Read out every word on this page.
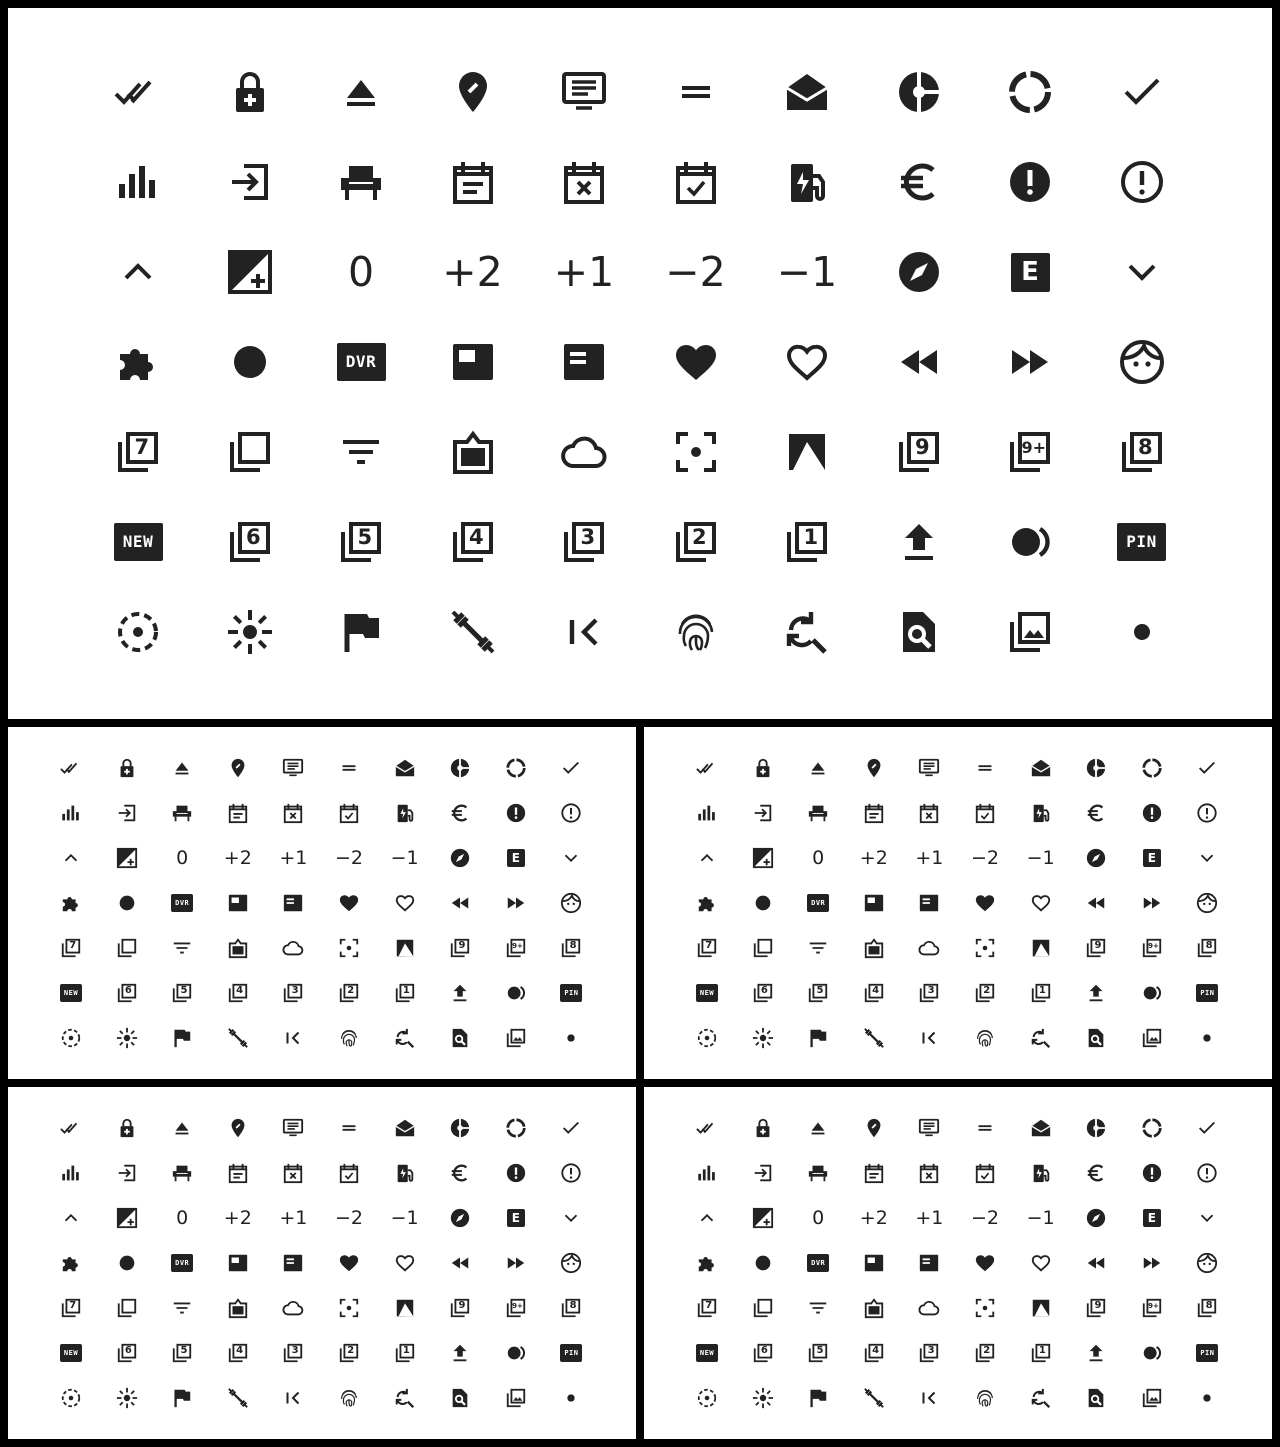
0 +2 +1 −2 −1	E
DVR
7	9	9+	8
NEW	6	5	4	3	2	1	PIN
0 +2 +1 −2 −1	E
DVR
7	9	9+	8
NEW	6	5	4	3	2	1	PIN
0 +2 +1 −2 −1	E
DVR
7	9	9+	8
NEW	6	5	4	3	2	1	PIN
0 +2 +1 −2 −1	E
DVR
7	9	9+	8
NEW	6	5	4	3	2	1	PIN
0 +2 +1 −2 −1	E
DVR
7	9	9+	8
NEW	6	5	4	3	2	1	PIN
